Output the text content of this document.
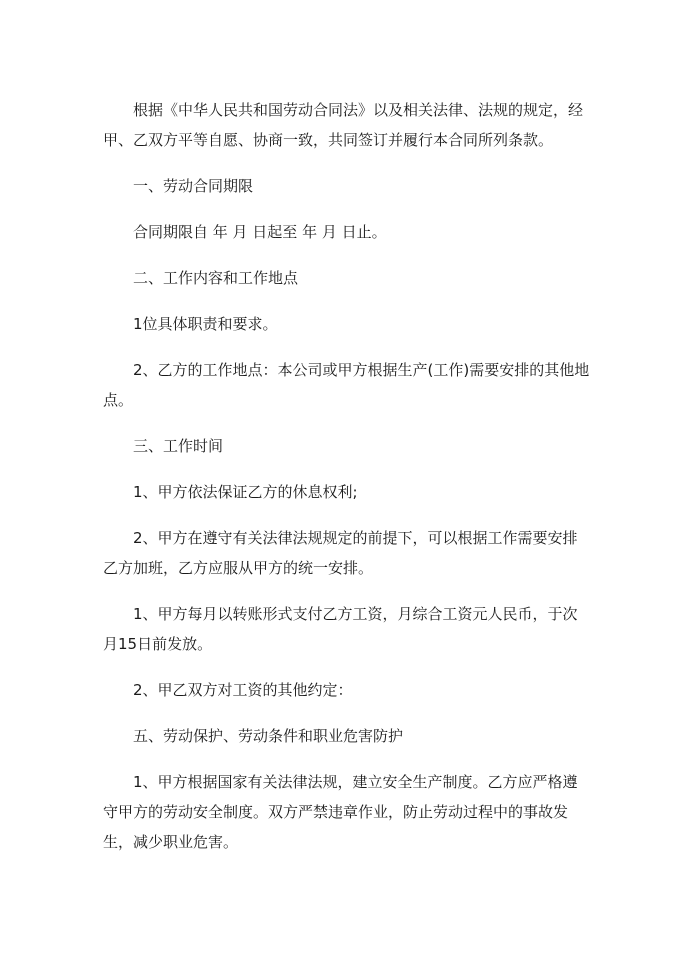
根据《中华人民共和国劳动合同法》以及相关法律、法规的规定，经甲、乙双方平等自愿、协商一致，共同签订并履行本合同所列条款。

一、劳动合同期限

合同期限自 年 月 日起至 年 月 日止。

二、工作内容和工作地点

1位具体职责和要求。

2、乙方的工作地点：本公司或甲方根据生产(工作)需要安排的其他地点。

三、工作时间

1、甲方依法保证乙方的休息权利;

2、甲方在遵守有关法律法规规定的前提下，可以根据工作需要安排乙方加班，乙方应服从甲方的统一安排。

1、甲方每月以转账形式支付乙方工资，月综合工资元人民币，于次月15日前发放。

2、甲乙双方对工资的其他约定：

五、劳动保护、劳动条件和职业危害防护

1、甲方根据国家有关法律法规，建立安全生产制度。乙方应严格遵守甲方的劳动安全制度。双方严禁违章作业，防止劳动过程中的事故发生，减少职业危害。
